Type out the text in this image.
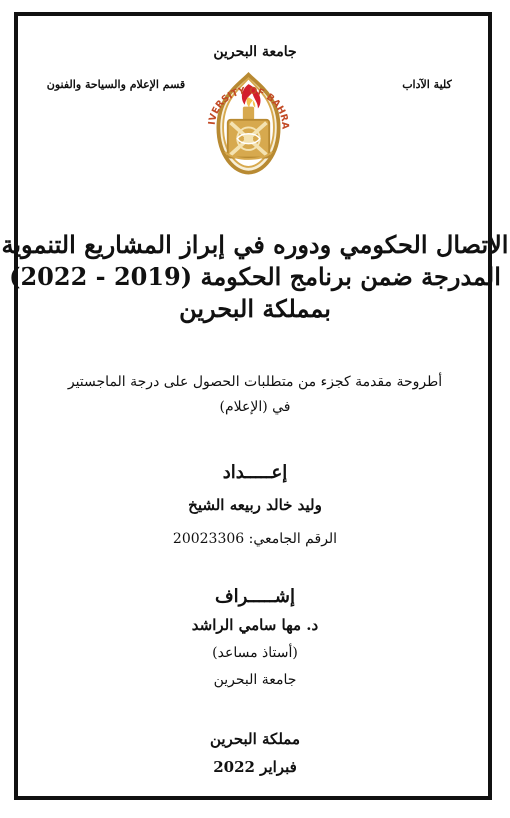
جامعة البحرين
قسم الإعلام والسياحة والفنون	كلية الآداب
IVERSITY OF BAHRA
الاتصال الحكومي ودوره في إبراز المشاريع التنموية
المدرجة ضمن برنامج الحكومة (2019 - 2022)
بمملكة البحرين
أطروحة مقدمة كجزء من متطلبات الحصول على درجة الماجستير
في (الإعلام)
إعـــــداد
وليد خالد ربيعه الشيخ
الرقم الجامعي: 20023306
إشـــــراف
د. مها سامي الراشد
(أستاذ مساعد)
جامعة البحرين
مملكة البحرين
فبراير 2022
